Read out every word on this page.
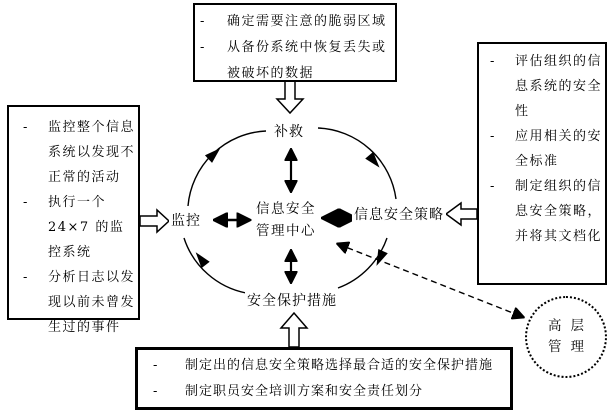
-	确定需要注意的脆弱区域
-	从备份系统中恢复丢失或被破坏的数据
-	监控整个信息系统以发现不正常的活动
-	执行一个 24×7 的监控系统
-	分析日志以发现以前未曾发生过的事件
-	评估组织的信息系统的安全性
-	应用相关的安全标准
-	制定组织的信息安全策略，并将其文档化
-	制定出的信息安全策略选择最合适的安全保护措施
-	制定职员安全培训方案和安全责任划分
信息安全
管理中心
补救
监控	信息安全策略
安全保护措施
高层
管理
